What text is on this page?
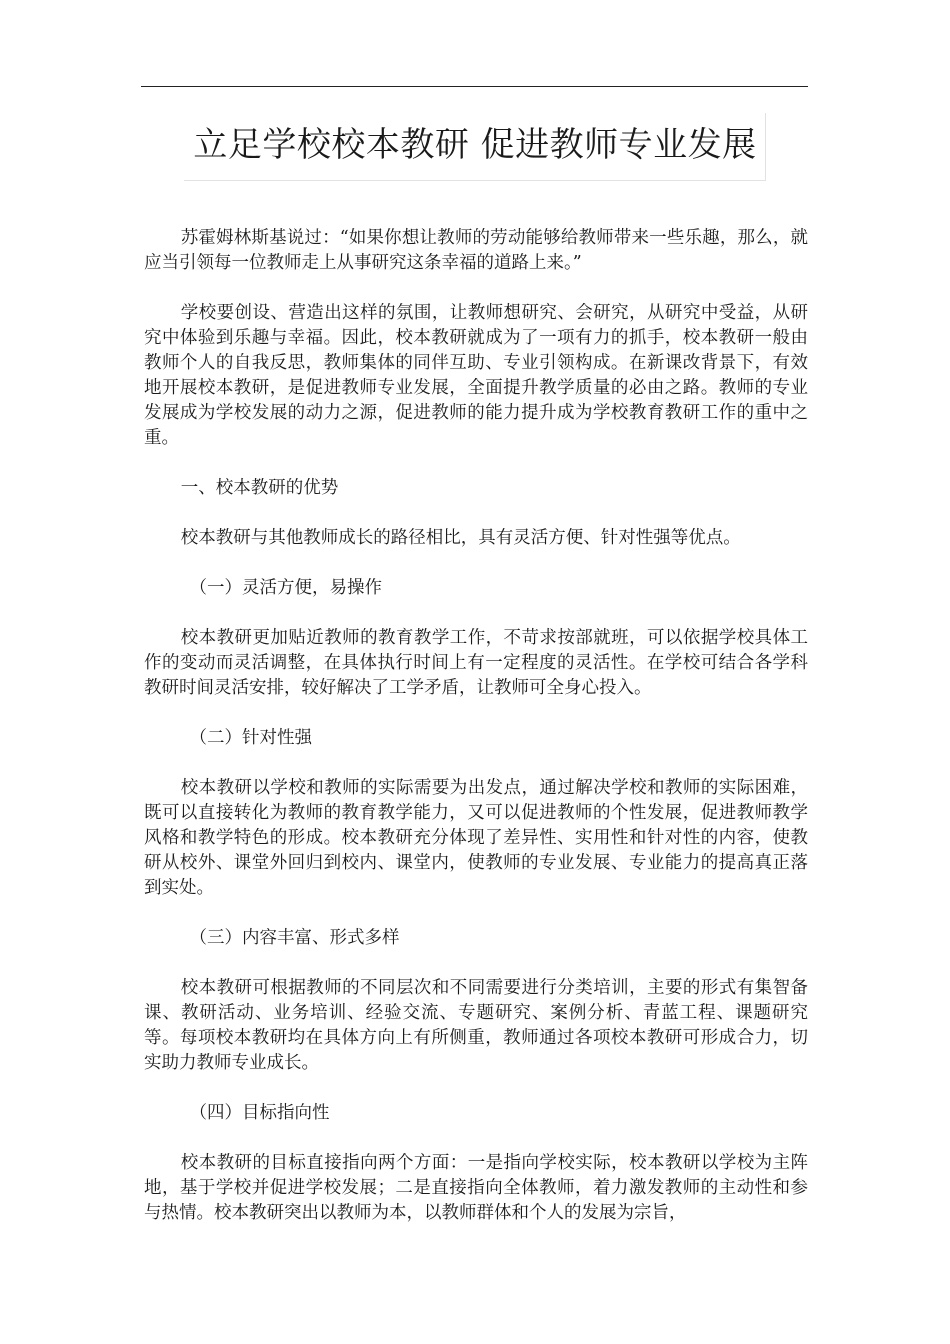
立足学校校本教研 促进教师专业发展

苏霍姆林斯基说过：“如果你想让教师的劳动能够给教师带来一些乐趣，那么，就应当引领每一位教师走上从事研究这条幸福的道路上来。”

学校要创设、营造出这样的氛围，让教师想研究、会研究，从研究中受益，从研究中体验到乐趣与幸福。因此，校本教研就成为了一项有力的抓手，校本教研一般由教师个人的自我反思，教师集体的同伴互助、专业引领构成。在新课改背景下，有效地开展校本教研，是促进教师专业发展，全面提升教学质量的必由之路。教师的专业发展成为学校发展的动力之源，促进教师的能力提升成为学校教育教研工作的重中之重。

一、校本教研的优势

校本教研与其他教师成长的路径相比，具有灵活方便、针对性强等优点。

（一）灵活方便，易操作

校本教研更加贴近教师的教育教学工作，不苛求按部就班，可以依据学校具体工作的变动而灵活调整，在具体执行时间上有一定程度的灵活性。在学校可结合各学科教研时间灵活安排，较好解决了工学矛盾，让教师可全身心投入。

（二）针对性强

校本教研以学校和教师的实际需要为出发点，通过解决学校和教师的实际困难，既可以直接转化为教师的教育教学能力，又可以促进教师的个性发展，促进教师教学风格和教学特色的形成。校本教研充分体现了差异性、实用性和针对性的内容，使教研从校外、课堂外回归到校内、课堂内，使教师的专业发展、专业能力的提高真正落到实处。

（三）内容丰富、形式多样

校本教研可根据教师的不同层次和不同需要进行分类培训，主要的形式有集智备课、教研活动、业务培训、经验交流、专题研究、案例分析、青蓝工程、课题研究等。每项校本教研均在具体方向上有所侧重，教师通过各项校本教研可形成合力，切实助力教师专业成长。

（四）目标指向性

校本教研的目标直接指向两个方面：一是指向学校实际，校本教研以学校为主阵地，基于学校并促进学校发展；二是直接指向全体教师，着力激发教师的主动性和参与热情。校本教研突出以教师为本，以教师群体和个人的发展为宗旨，
